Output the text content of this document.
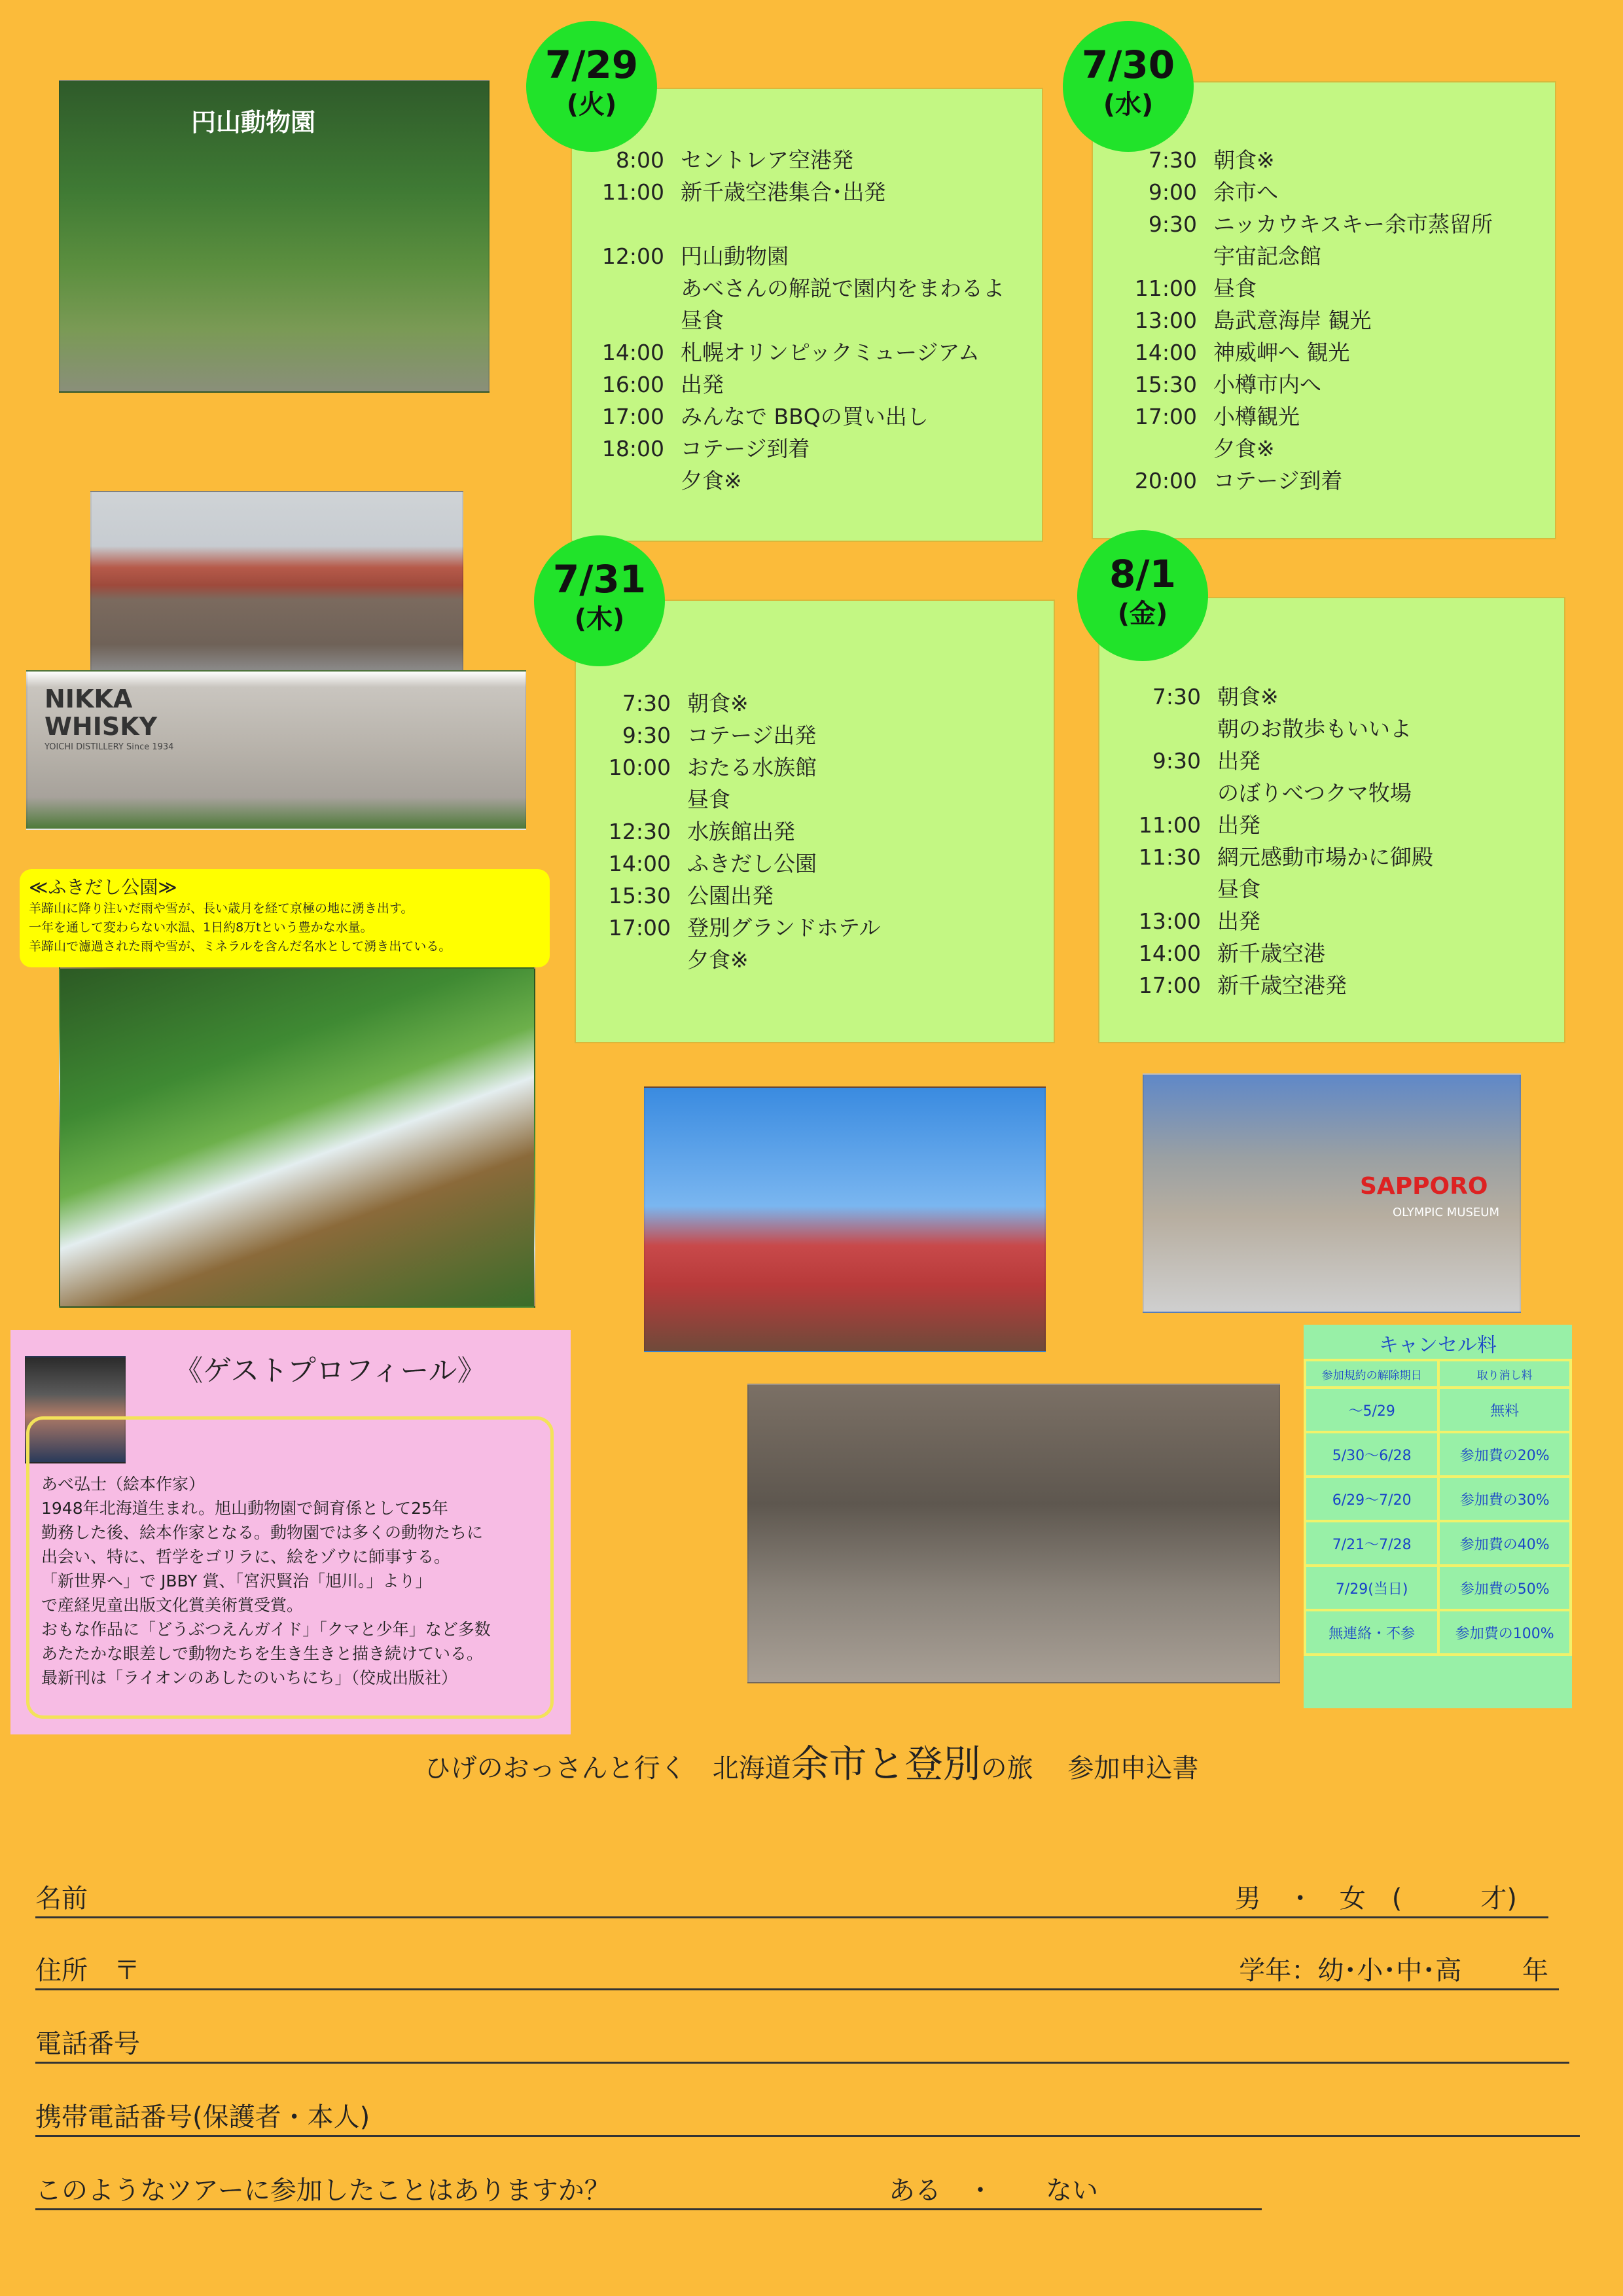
円山動物園
NIKKA
WHISKY
YOICHI DISTILLERY Since 1934
SAPPORO
OLYMPIC MUSEUM
7/29
(火)
7/30
(水)
7/31
(木)
8/1
(金)
8:00 セントレア空港発
11:00 新千歳空港集合･出発
12:00 円山動物園
あべさんの解説で園内をまわるよ
昼食
14:00 札幌オリンピックミュージアム
16:00 出発
17:00 みんなで BBQの買い出し
18:00 コテージ到着
夕食※
7:30 朝食※
9:00 余市へ
9:30 ニッカウキスキー余市蒸留所
宇宙記念館
11:00 昼食
13:00 島武意海岸 観光
14:00 神威岬へ 観光
15:30 小樽市内へ
17:00 小樽観光
夕食※
20:00 コテージ到着
7:30 朝食※
9:30 コテージ出発
10:00 おたる水族館
昼食
12:30 水族館出発
14:00 ふきだし公園
15:30 公園出発
17:00 登別グランドホテル
夕食※
7:30 朝食※
朝のお散歩もいいよ
9:30 出発
のぼりべつクマ牧場
11:00 出発
11:30 網元感動市場かに御殿
昼食
13:00 出発
14:00 新千歳空港
17:00 新千歳空港発
≪ふきだし公園≫
羊蹄山に降り注いだ雨や雪が、長い歳月を経て京極の地に湧き出す。
一年を通して変わらない水温、1日約8万tという豊かな水量。
羊蹄山で濾過された雨や雪が、ミネラルを含んだ名水として湧き出ている。
《ゲストプロフィール》
あべ弘士（絵本作家）
1948年北海道生まれ。旭山動物園で飼育係として25年
勤務した後、絵本作家となる。動物園では多くの動物たちに
出会い、特に、哲学をゴリラに、絵をゾウに師事する。
「新世界へ」で JBBY 賞、「宮沢賢治「旭川。」より」
で産経児童出版文化賞美術賞受賞。
おもな作品に「どうぶつえんガイド」「クマと少年」など多数
あたたかな眼差しで動物たちを生き生きと描き続けている。
最新刊は「ライオンのあしたのいちにち」（佼成出版社）
キャンセル料
参加規約の解除期日	取り消し料
～5/29	無料
5/30～6/28	参加費の20%
6/29～7/20	参加費の30%
7/21～7/28	参加費の40%
7/29(当日)	参加費の50%
無連絡・不参	参加費の100%
ひげのおっさんと行く　北海道余市と登別の旅　 参加申込書
名前	男　・　女　(　　　才)　
住所　〒	学年：幼･小･中･高　　 年
電話番号
携帯電話番号(保護者・本人)
このようなツアーに参加したことはありますか？	ある　・　　ない
